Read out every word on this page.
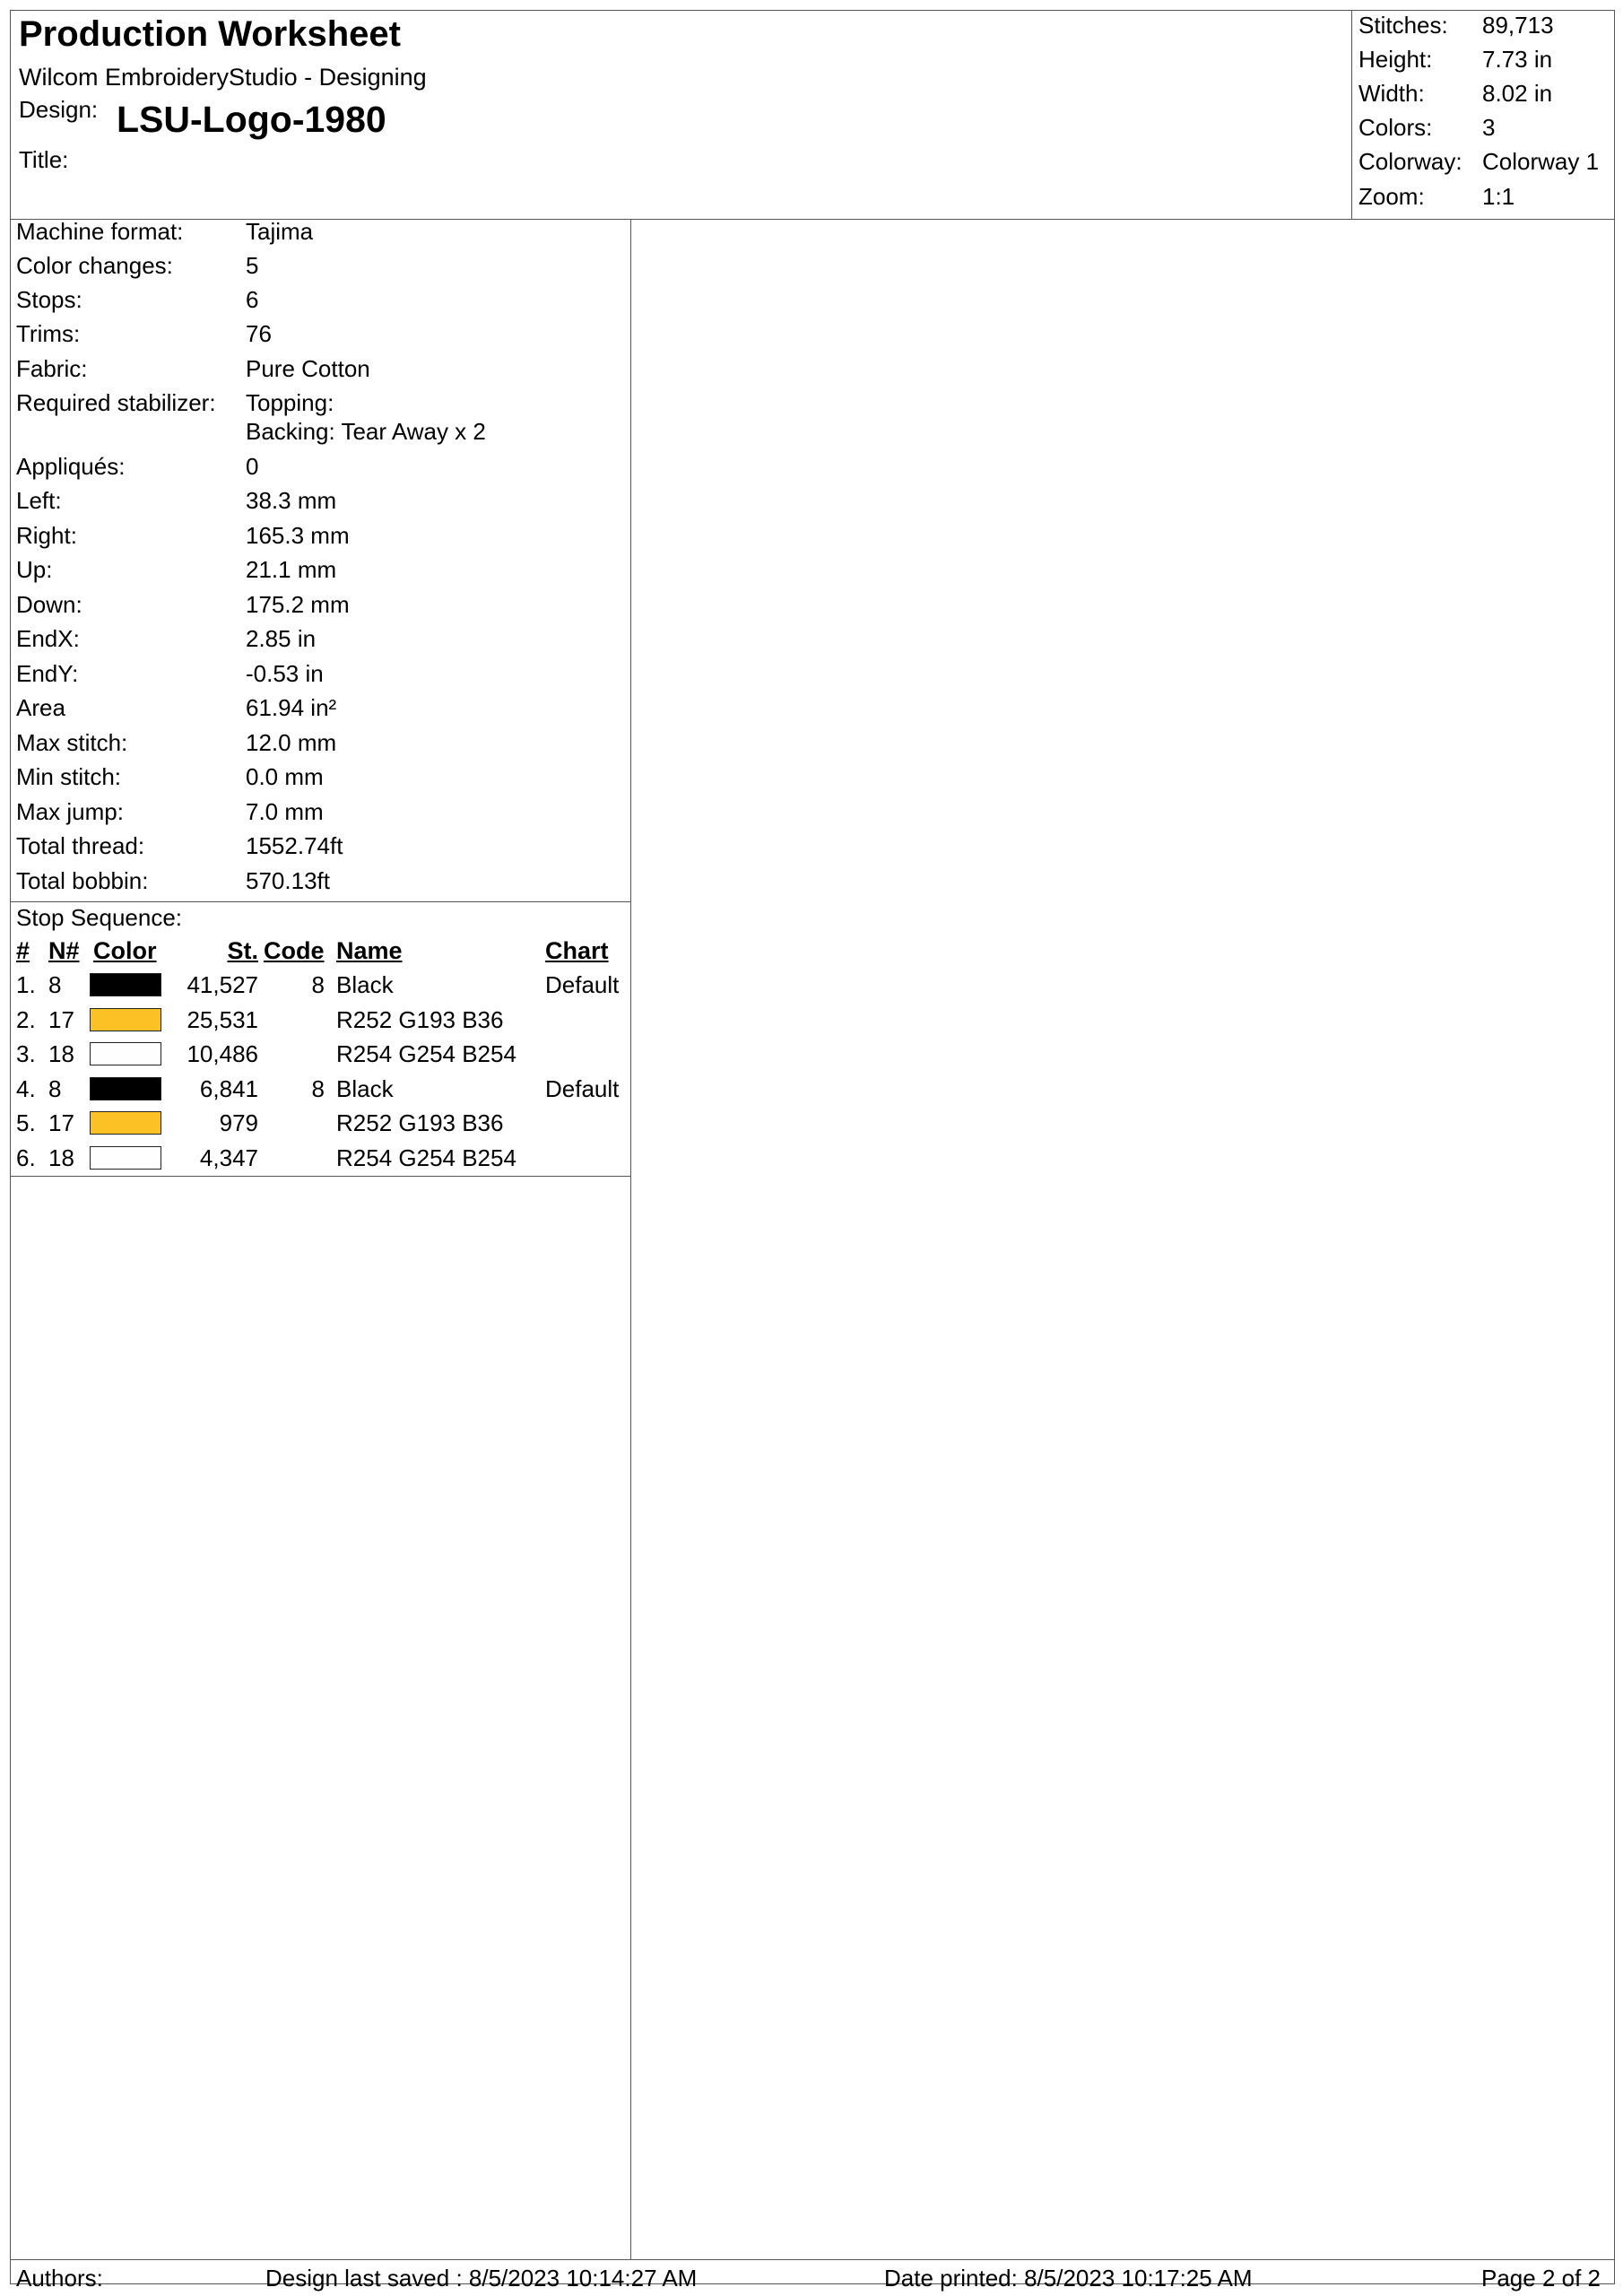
Production Worksheet
Wilcom EmbroideryStudio - Designing
Design: LSU-Logo-1980
Title:
Stitches: 89,713
Height: 7.73 in
Width: 8.02 in
Colors: 3
Colorway: Colorway 1
Zoom: 1:1
Machine format:	Tajima
Color changes:	5
Stops:	6
Trims:	76
Fabric:	Pure Cotton
Required stabilizer: Topping:
Backing: Tear Away x 2
Appliqués:	0
Left:	38.3 mm
Right:	165.3 mm
Up:	21.1 mm
Down:	175.2 mm
EndX:	2.85 in
EndY:	-0.53 in
Area	61.94 in²
Max stitch:	12.0 mm
Min stitch:	0.0 mm
Max jump:	7.0 mm
Total thread:	1552.74ft
Total bobbin:	570.13ft
Stop Sequence:
# N# Color	St. Code Name	Chart
1. 8	41,527	8 Black	Default
2. 17	25,531	R252 G193 B36
3. 18	10,486	R254 G254 B254
4. 8	6,841	8 Black	Default
5. 17	979	R252 G193 B36
6. 18	4,347	R254 G254 B254
Authors:	Design last saved : 8/5/2023 10:14:27 AM	Date printed: 8/5/2023 10:17:25 AM	Page 2 of 2
